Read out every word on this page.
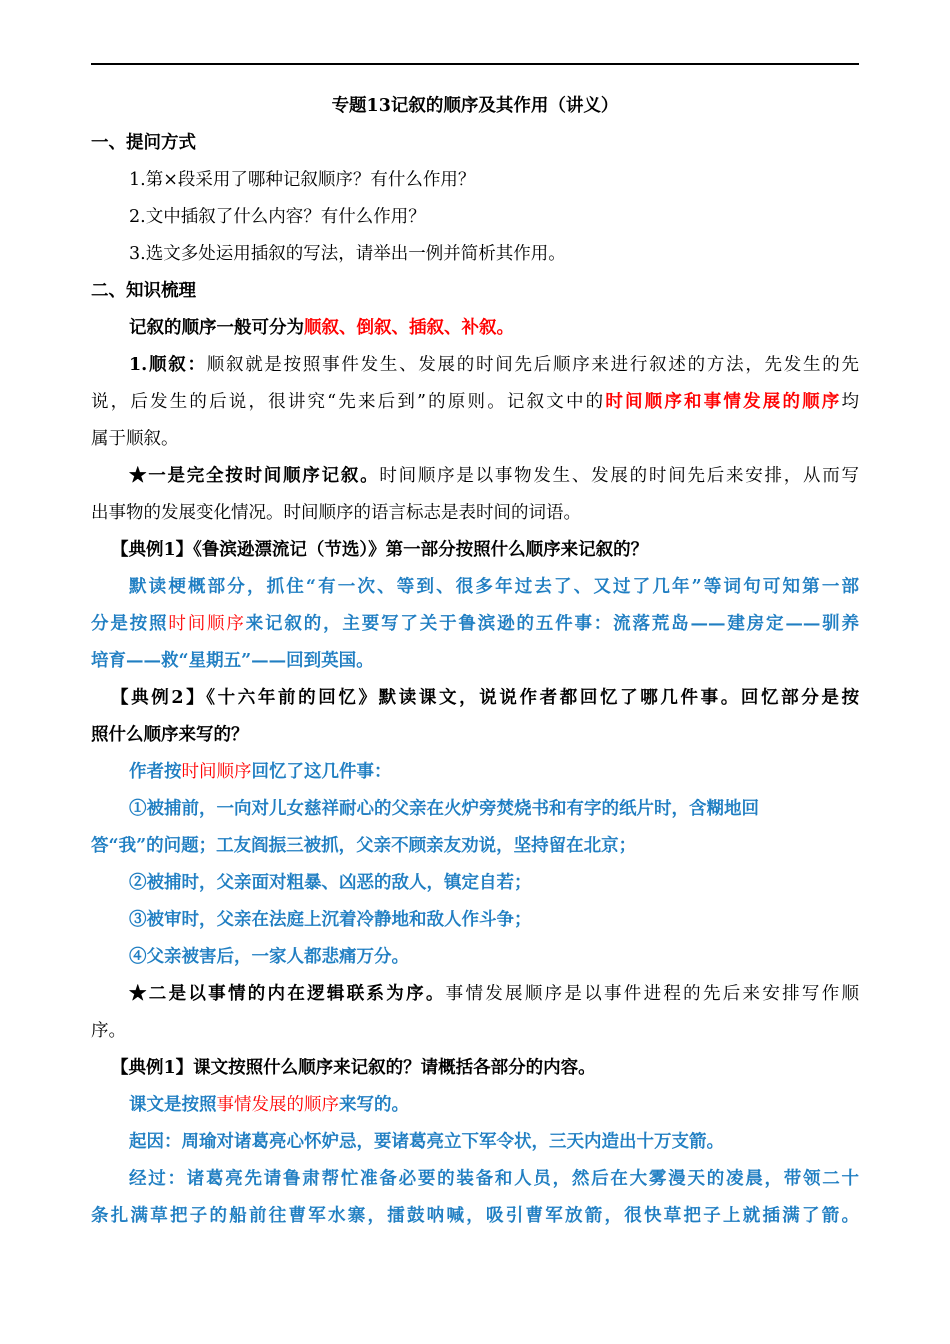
专题13记叙的顺序及其作用（讲义）
一、提问方式
1.第×段采用了哪种记叙顺序？有什么作用？
2.文中插叙了什么内容？有什么作用？
3.选文多处运用插叙的写法，请举出一例并简析其作用。
二、知识梳理
记叙的顺序一般可分为顺叙、倒叙、插叙、补叙。
1.顺叙：顺叙就是按照事件发生、发展的时间先后顺序来进行叙述的方法，先发生的先
说，后发生的后说，很讲究“先来后到”的原则。记叙文中的时间顺序和事情发展的顺序均
属于顺叙。
★一是完全按时间顺序记叙。时间顺序是以事物发生、发展的时间先后来安排，从而写
出事物的发展变化情况。时间顺序的语言标志是表时间的词语。
【典例1】《鲁滨逊漂流记（节选）》第一部分按照什么顺序来记叙的？
默读梗概部分，抓住“有一次、等到、很多年过去了、又过了几年”等词句可知第一部
分是按照时间顺序来记叙的，主要写了关于鲁滨逊的五件事：流落荒岛——建房定——驯养
培育——救“星期五”——回到英国。
【典例2】《十六年前的回忆》默读课文，说说作者都回忆了哪几件事。回忆部分是按
照什么顺序来写的？
作者按时间顺序回忆了这几件事：
①被捕前，一向对儿女慈祥耐心的父亲在火炉旁焚烧书和有字的纸片时，含糊地回
答“我”的问题；工友阎振三被抓，父亲不顾亲友劝说，坚持留在北京；
②被捕时，父亲面对粗暴、凶恶的敌人，镇定自若；
③被审时，父亲在法庭上沉着冷静地和敌人作斗争；
④父亲被害后，一家人都悲痛万分。
★二是以事情的内在逻辑联系为序。事情发展顺序是以事件进程的先后来安排写作顺
序。
【典例1】课文按照什么顺序来记叙的？请概括各部分的内容。
课文是按照事情发展的顺序来写的。
起因：周瑜对诸葛亮心怀妒忌，要诸葛亮立下军令状，三天内造出十万支箭。
经过：诸葛亮先请鲁肃帮忙准备必要的装备和人员，然后在大雾漫天的凌晨，带领二十
条扎满草把子的船前往曹军水寨，擂鼓呐喊，吸引曹军放箭，很快草把子上就插满了箭。
